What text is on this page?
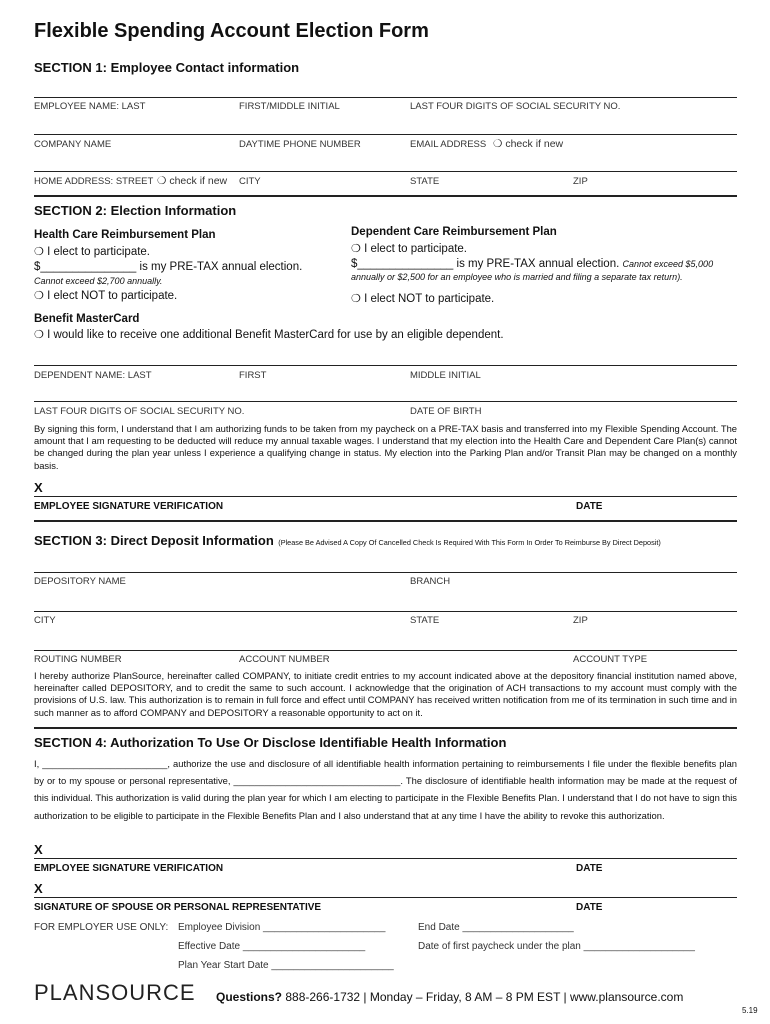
Flexible Spending Account Election Form
SECTION 1: Employee Contact information
EMPLOYEE NAME: LAST	FIRST/MIDDLE INITIAL	LAST FOUR DIGITS OF SOCIAL SECURITY NO.
COMPANY NAME	DAYTIME PHONE NUMBER	EMAIL ADDRESS ❍ check if new
HOME ADDRESS: STREET ❍ check if new CITY	STATE	ZIP
SECTION 2: Election Information
Health Care Reimbursement Plan
❍ I elect to participate.
$_______________ is my PRE-TAX annual election.
Cannot exceed $2,700 annually.
❍ I elect NOT to participate.
Dependent Care Reimbursement Plan
❍ I elect to participate.
$_______________ is my PRE-TAX annual election. Cannot exceed $5,000
annually or $2,500 for an employee who is married and filing a separate tax return).
❍ I elect NOT to participate.
Benefit MasterCard
❍ I would like to receive one additional Benefit MasterCard for use by an eligible dependent.
DEPENDENT NAME: LAST	FIRST	MIDDLE INITIAL
LAST FOUR DIGITS OF SOCIAL SECURITY NO.	DATE OF BIRTH
By signing this form, I understand that I am authorizing funds to be taken from my paycheck on a PRE-TAX basis and transferred into my Flexible Spending Account. The amount that I am requesting to be deducted will reduce my annual taxable wages. I understand that my election into the Health Care and Dependent Care Plan(s) cannot be changed during the plan year unless I experience a qualifying change in status. My election into the Parking Plan and/or Transit Plan may be changed on a monthly basis.
X
EMPLOYEE SIGNATURE VERIFICATION	DATE
SECTION 3: Direct Deposit Information (Please Be Advised A Copy Of Cancelled Check Is Required With This Form In Order To Reimburse By Direct Deposit)
DEPOSITORY NAME	BRANCH
CITY	STATE	ZIP
ROUTING NUMBER	ACCOUNT NUMBER	ACCOUNT TYPE
I hereby authorize PlanSource, hereinafter called COMPANY, to initiate credit entries to my account indicated above at the depository financial institution named above, hereinafter called DEPOSITORY, and to credit the same to such account. I acknowledge that the origination of ACH transactions to my account must comply with the provisions of U.S. law. This authorization is to remain in full force and effect until COMPANY has received written notification from me of its termination in such time and in such manner as to afford COMPANY and DEPOSITORY a reasonable opportunity to act on it.
SECTION 4: Authorization To Use Or Disclose Identifiable Health Information
I, ________________________, authorize the use and disclosure of all identifiable health information pertaining to reimbursements I file under the flexible benefits plan by or to my spouse or personal representative, ________________________________. The disclosure of identifiable health information may be made at the request of this individual. This authorization is valid during the plan year for which I am electing to participate in the Flexible Benefits Plan. I understand that I do not have to sign this authorization to be eligible to participate in the Flexible Benefits Plan and I also understand that at any time I have the ability to revoke this authorization.
X
EMPLOYEE SIGNATURE VERIFICATION	DATE
X
SIGNATURE OF SPOUSE OR PERSONAL REPRESENTATIVE	DATE
FOR EMPLOYER USE ONLY: Employee Division ______________________
Effective Date ______________________
Plan Year Start Date ______________________
End Date ____________________
Date of first paycheck under the plan ____________________
PLANSOURCE Questions? 888-266-1732 | Monday – Friday, 8 AM – 8 PM EST | www.plansource.com
5.19
